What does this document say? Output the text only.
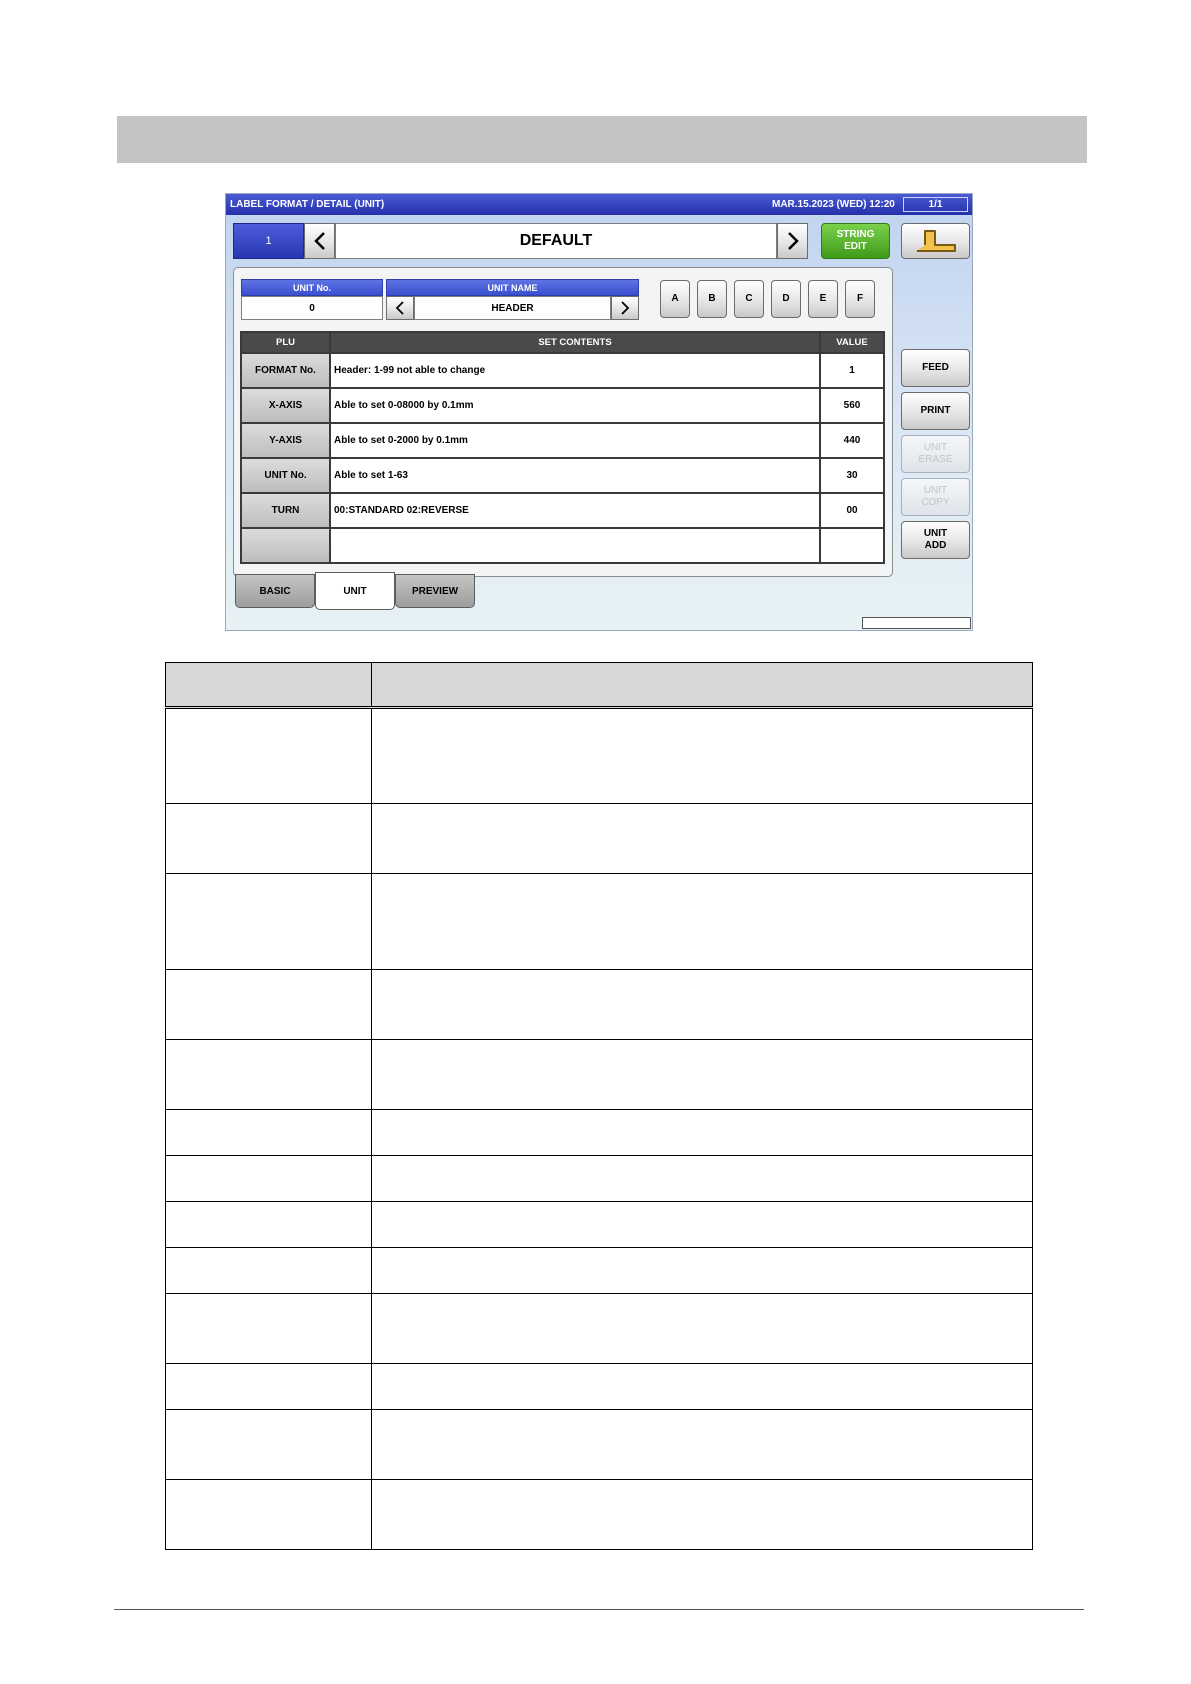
LABEL FORMAT / DETAIL (UNIT)	MAR.15.2023 (WED) 12:20	1/1
1	DEFAULT	STRING
EDIT
UNIT No.
0
UNIT NAME
HEADER
A	B	C	D	E	F
PLU	SET CONTENTS	VALUE
FORMAT No.	Header: 1-99 not able to change	1
X-AXIS	Able to set 0-08000 by 0.1mm	560
Y-AXIS	Able to set 0-2000 by 0.1mm	440
UNIT No.	Able to set 1-63	30
TURN	00:STANDARD 02:REVERSE	00

FEED
PRINT
UNIT
ERASE
UNIT
COPY
UNIT
ADD
BASIC	UNIT	PREVIEW
